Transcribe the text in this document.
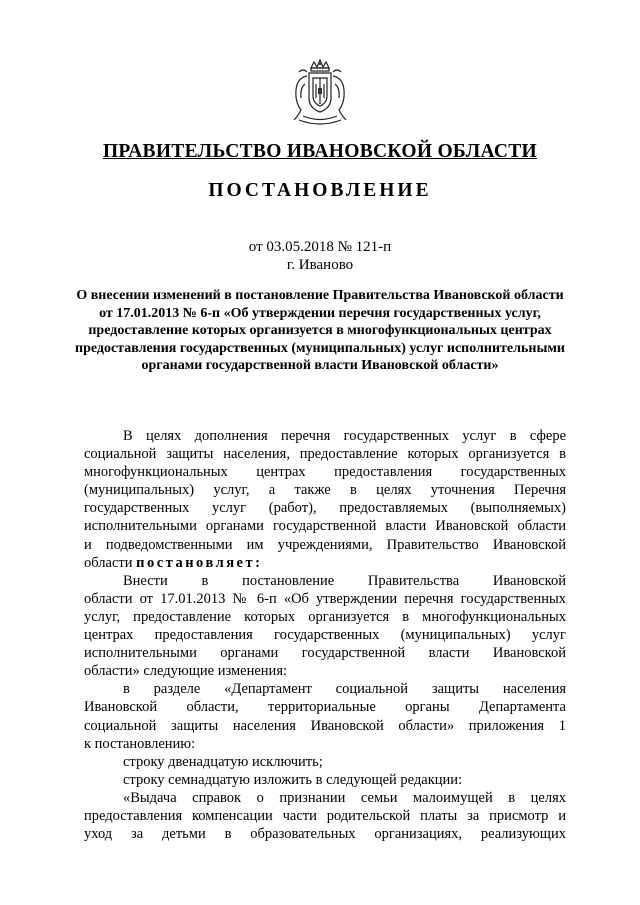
ПРАВИТЕЛЬСТВО ИВАНОВСКОЙ ОБЛАСТИ
ПОСТАНОВЛЕНИЕ
от 03.05.2018 № 121-п
г. Иваново
О внесении изменений в постановление Правительства Ивановской области от 17.01.2013 № 6-п «Об утверждении перечня государственных услуг, предоставление которых организуется в многофункциональных центрах предоставления государственных (муниципальных) услуг исполнительными органами государственной власти Ивановской области»

В целях дополнения перечня государственных услуг в сфере

социальной защиты населения, предоставление которых организуется в

многофункциональных центрах предоставления государственных

(муниципальных) услуг, а также в целях уточнения Перечня

государственных услуг (работ), предоставляемых (выполняемых)

исполнительными органами государственной власти Ивановской области

и подведомственными им учреждениями, Правительство Ивановской

области постановляет:

Внести в постановление Правительства Ивановской

области от 17.01.2013 № 6-п «Об утверждении перечня государственных

услуг, предоставление которых организуется в многофункциональных

центрах предоставления государственных (муниципальных) услуг

исполнительными органами государственной власти Ивановской

области» следующие изменения:

в разделе «Департамент социальной защиты населения

Ивановской области, территориальные органы Департамента

социальной защиты населения Ивановской области» приложения 1

к постановлению:

строку двенадцатую исключить;

строку семнадцатую изложить в следующей редакции:

«Выдача справок о признании семьи малоимущей в целях

предоставления компенсации части родительской платы за присмотр и

уход за детьми в образовательных организациях, реализующих
